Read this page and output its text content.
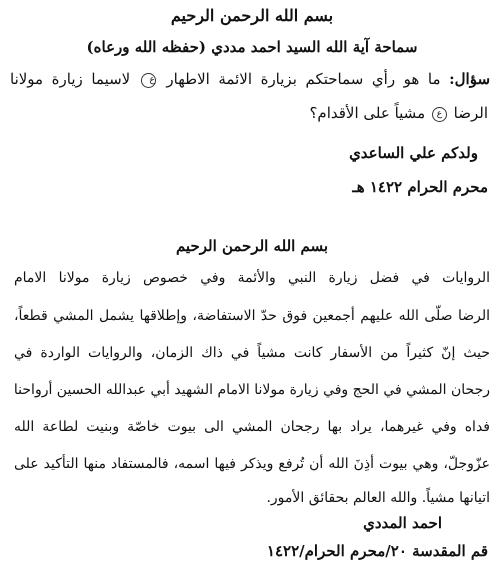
بسم الله الرحمن الرحيم
سماحة آية الله السيد احمد مددي (حفظه الله ورعاه)
سؤال: ما هو رأي سماحتكم بزيارة الائمة الاطهار ع لاسيما زيارة مولانا
الرضا ع مشياً على الأقدام؟
ولدكم علي الساعدي
محرم الحرام ١٤٢٢ هـ
بسم الله الرحمن الرحيم
الروايات في فضل زيارة النبي والأئمة وفي خصوص زيارة مولانا الامام
الرضا صلّى الله عليهم أجمعين فوق حدّ الاستفاضة، وإطلاقها يشمل المشي قطعاً،
حيث إنّ كثيراً من الأسفار كانت مشياً في ذاك الزمان، والروايات الواردة في
رجحان المشي في الحج وفي زيارة مولانا الامام الشهيد أبي عبدالله الحسين أرواحنا
فداه وفي غيرهما، يراد بها رجحان المشي الى بيوت خاصّة وبنيت لطاعة الله
عزّوجلّ، وهي بيوت أذِنَ الله أن تُرفع ويذكر فيها اسمه، فالمستفاد منها التأكيد على
اتيانها مشياً. والله العالم بحقائق الأمور.
احمد المددي
قم المقدسة ٢٠/محرم الحرام/١٤٢٢
